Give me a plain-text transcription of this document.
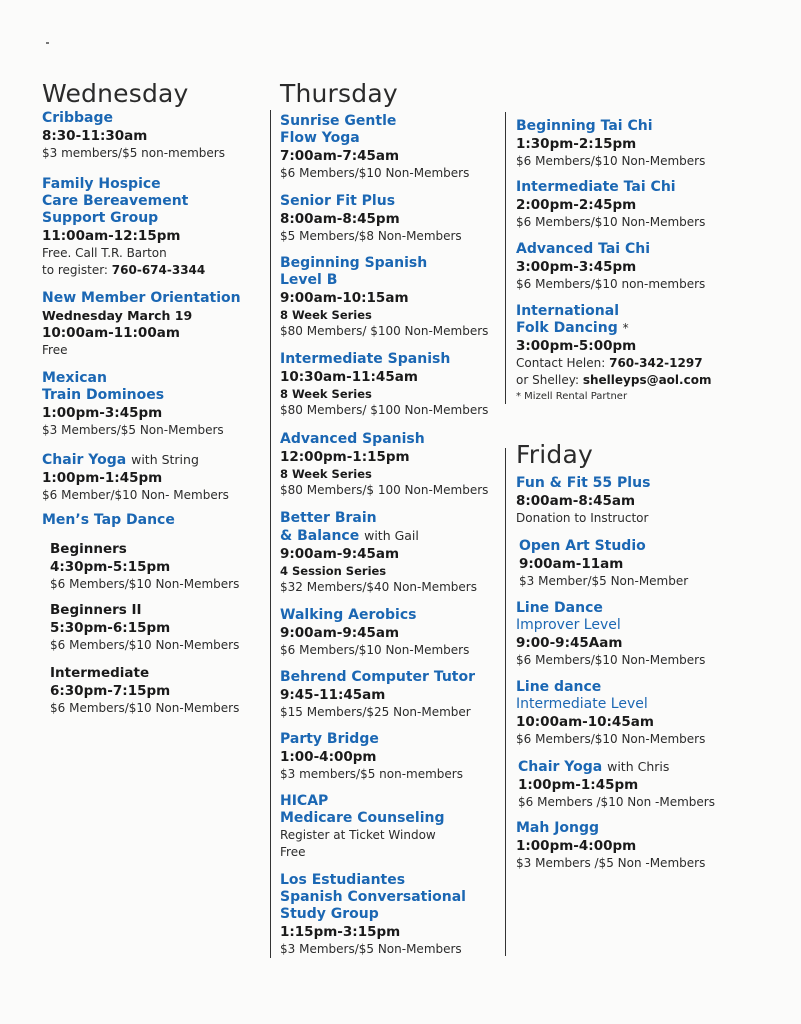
Wednesday
Cribbage
8:30-11:30am
$3 members/$5 non-members
Family Hospice
Care Bereavement
Support Group
11:00am-12:15pm
Free. Call T.R. Barton
to register: 760-674-3344
New Member Orientation
Wednesday March 19
10:00am-11:00am
Free
Mexican
Train Dominoes
1:00pm-3:45pm
$3 Members/$5 Non-Members
Chair Yoga with String
1:00pm-1:45pm
$6 Member/$10 Non- Members
Men’s Tap Dance
Beginners
4:30pm-5:15pm
$6 Members/$10 Non-Members
Beginners II
5:30pm-6:15pm
$6 Members/$10 Non-Members
Intermediate
6:30pm-7:15pm
$6 Members/$10 Non-Members
Thursday
Sunrise Gentle
Flow Yoga
7:00am-7:45am
$6 Members/$10 Non-Members
Senior Fit Plus
8:00am-8:45pm
$5 Members/$8 Non-Members
Beginning Spanish
Level B
9:00am-10:15am
8 Week Series
$80 Members/ $100 Non-Members
Intermediate Spanish
10:30am-11:45am
8 Week Series
$80 Members/ $100 Non-Members
Advanced Spanish
12:00pm-1:15pm
8 Week Series
$80 Members/$ 100 Non-Members
Better Brain
& Balance with Gail
9:00am-9:45am
4 Session Series
$32 Members/$40 Non-Members
Walking Aerobics
9:00am-9:45am
$6 Members/$10 Non-Members
Behrend Computer Tutor
9:45-11:45am
$15 Members/$25 Non-Member
Party Bridge
1:00-4:00pm
$3 members/$5 non-members
HICAP
Medicare Counseling
Register at Ticket Window
Free
Los Estudiantes
Spanish Conversational
Study Group
1:15pm-3:15pm
$3 Members/$5 Non-Members
Beginning Tai Chi
1:30pm-2:15pm
$6 Members/$10 Non-Members
Intermediate Tai Chi
2:00pm-2:45pm
$6 Members/$10 Non-Members
Advanced Tai Chi
3:00pm-3:45pm
$6 Members/$10 non-members
International
Folk Dancing *
3:00pm-5:00pm
Contact Helen: 760-342-1297
or Shelley: shelleyps@aol.com
* Mizell Rental Partner
Friday
Fun & Fit 55 Plus
8:00am-8:45am
Donation to Instructor
Open Art Studio
9:00am-11am
$3 Member/$5 Non-Member
Line Dance
Improver Level
9:00-9:45Aam
$6 Members/$10 Non-Members
Line dance
Intermediate Level
10:00am-10:45am
$6 Members/$10 Non-Members
Chair Yoga with Chris
1:00pm-1:45pm
$6 Members /$10 Non -Members
Mah Jongg
1:00pm-4:00pm
$3 Members /$5 Non -Members
